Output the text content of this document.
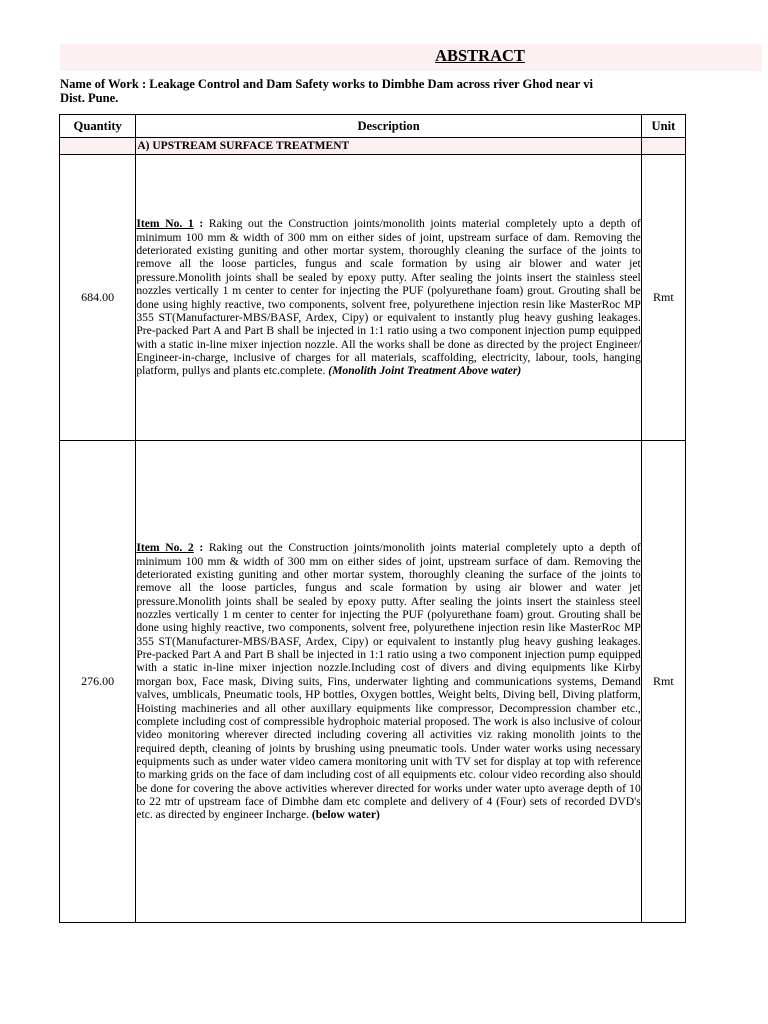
ABSTRACT
Name of Work : Leakage Control and Dam Safety works to Dimbhe Dam across river Ghod near vi
Dist. Pune.
Quantity	Description	Unit
	A) UPSTREAM SURFACE TREATMENT	
684.00	Item No. 1 : Raking out the Construction joints/monolith joints material completely upto a depth of minimum 100 mm & width of 300 mm on either sides of joint, upstream surface of dam. Removing the deteriorated existing guniting and other mortar system, thoroughly cleaning the surface of the joints to remove all the loose particles, fungus and scale formation by using air blower and water jet pressure.Monolith joints shall be sealed by epoxy putty. After sealing the joints insert the stainless steel nozzles vertically 1 m center to center for injecting the PUF (polyurethane foam) grout. Grouting shall be done using highly reactive, two components, solvent free, polyurethene injection resin like MasterRoc MP 355 ST(Manufacturer-MBS/BASF, Ardex, Cipy) or equivalent to instantly plug heavy gushing leakages. Pre-packed Part A and Part B shall be injected in 1:1 ratio using a two component injection pump equipped with a static in-line mixer injection nozzle. All the works shall be done as directed by the project Engineer/ Engineer-in-charge, inclusive of charges for all materials, scaffolding, electricity, labour, tools, hanging platform, pullys and plants etc.complete. (Monolith Joint Treatment Above water)	Rmt
276.00	Item No. 2 : Raking out the Construction joints/monolith joints material completely upto a depth of minimum 100 mm & width of 300 mm on either sides of joint, upstream surface of dam. Removing the deteriorated existing guniting and other mortar system, thoroughly cleaning the surface of the joints to remove all the loose particles, fungus and scale formation by using air blower and water jet pressure.Monolith joints shall be sealed by epoxy putty. After sealing the joints insert the stainless steel nozzles vertically 1 m center to center for injecting the PUF (polyurethane foam) grout. Grouting shall be done using highly reactive, two components, solvent free, polyurethene injection resin like MasterRoc MP 355 ST(Manufacturer-MBS/BASF, Ardex, Cipy) or equivalent to instantly plug heavy gushing leakages. Pre-packed Part A and Part B shall be injected in 1:1 ratio using a two component injection pump equipped with a static in-line mixer injection nozzle.Including cost of divers and diving equipments like Kirby morgan box, Face mask, Diving suits, Fins, underwater lighting and communications systems, Demand valves, umblicals, Pneumatic tools, HP bottles, Oxygen bottles, Weight belts, Diving bell, Diving platform, Hoisting machineries and all other auxillary equipments like compressor, Decompression chamber etc., complete including cost of compressible hydrophoic material proposed. The work is also inclusive of colour video monitoring wherever directed including covering all activities viz raking monolith joints to the required depth, cleaning of joints by brushing using pneumatic tools. Under water works using necessary equipments such as under water video camera monitoring unit with TV set for display at top with reference to marking grids on the face of dam including cost of all equipments etc. colour video recording also should be done for covering the above activities wherever directed for works under water upto average depth of 10 to 22 mtr of upstream face of Dimbhe dam etc complete and delivery of 4 (Four) sets of recorded DVD's etc. as directed by engineer Incharge. (below water)	Rmt
